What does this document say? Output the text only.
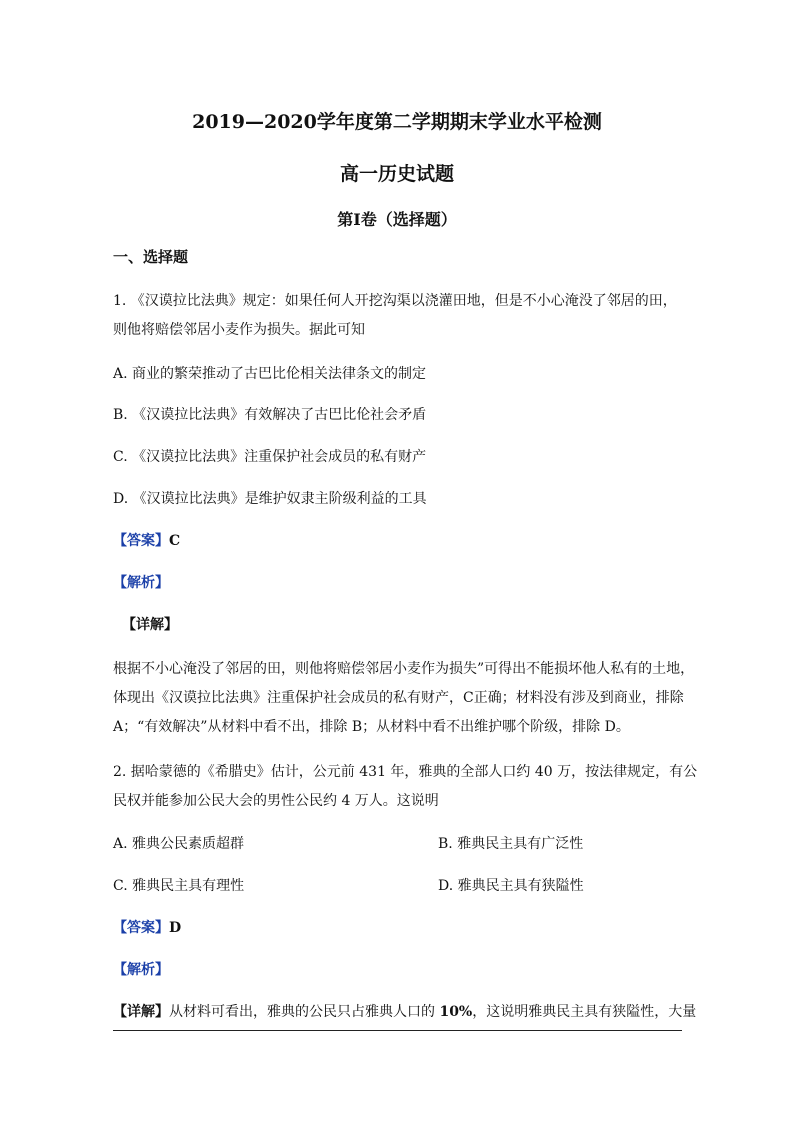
2019—2020学年度第二学期期末学业水平检测
高一历史试题
第Ⅰ卷（选择题）
一、选择题
1. 《汉谟拉比法典》规定：如果任何人开挖沟渠以浇灌田地，但是不小心淹没了邻居的田，
则他将赔偿邻居小麦作为损失。据此可知
A. 商业的繁荣推动了古巴比伦相关法律条文的制定
B. 《汉谟拉比法典》有效解决了古巴比伦社会矛盾
C. 《汉谟拉比法典》注重保护社会成员的私有财产
D. 《汉谟拉比法典》是维护奴隶主阶级利益的工具
【答案】C
【解析】
【详解】
根据不小心淹没了邻居的田，则他将赔偿邻居小麦作为损失”可得出不能损坏他人私有的土地，
体现出《汉谟拉比法典》注重保护社会成员的私有财产，C正确；材料没有涉及到商业，排除
A；“有效解决”从材料中看不出，排除 B；从材料中看不出维护哪个阶级，排除 D。
2. 据哈蒙德的《希腊史》估计，公元前 431 年，雅典的全部人口约 40 万，按法律规定，有公
民权并能参加公民大会的男性公民约 4 万人。这说明
A. 雅典公民素质超群	B. 雅典民主具有广泛性
C. 雅典民主具有理性	D. 雅典民主具有狭隘性
【答案】D
【解析】
【详解】从材料可看出，雅典的公民只占雅典人口的 10%，这说明雅典民主具有狭隘性，大量
